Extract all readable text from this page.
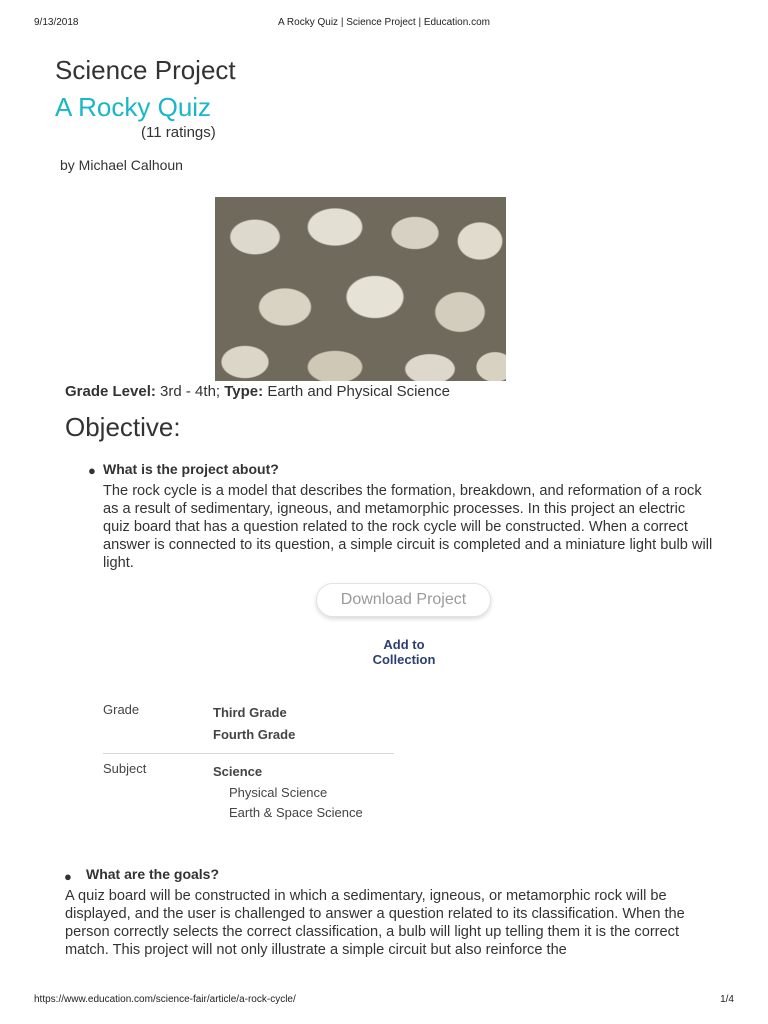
9/13/2018	A Rocky Quiz | Science Project | Education.com
Science Project
A Rocky Quiz
(11 ratings)
by Michael Calhoun
Grade Level: 3rd - 4th; Type: Earth and Physical Science
Objective:
● What is the project about?
The rock cycle is a model that describes the formation, breakdown, and reformation of a rock as a result of sedimentary, igneous, and metamorphic processes. In this project an electric quiz board that has a question related to the rock cycle will be constructed. When a correct answer is connected to its question, a simple circuit is completed and a miniature light bulb will light.
Download Project
Add to
Collection
Grade	Third Grade
Fourth Grade
Subject	Science
Physical Science
Earth & Space Science
● What are the goals?
A quiz board will be constructed in which a sedimentary, igneous, or metamorphic rock will be displayed, and the user is challenged to answer a question related to its classification. When the person correctly selects the correct classification, a bulb will light up telling them it is the correct match. This project will not only illustrate a simple circuit but also reinforce the
https://www.education.com/science-fair/article/a-rock-cycle/	1/4
